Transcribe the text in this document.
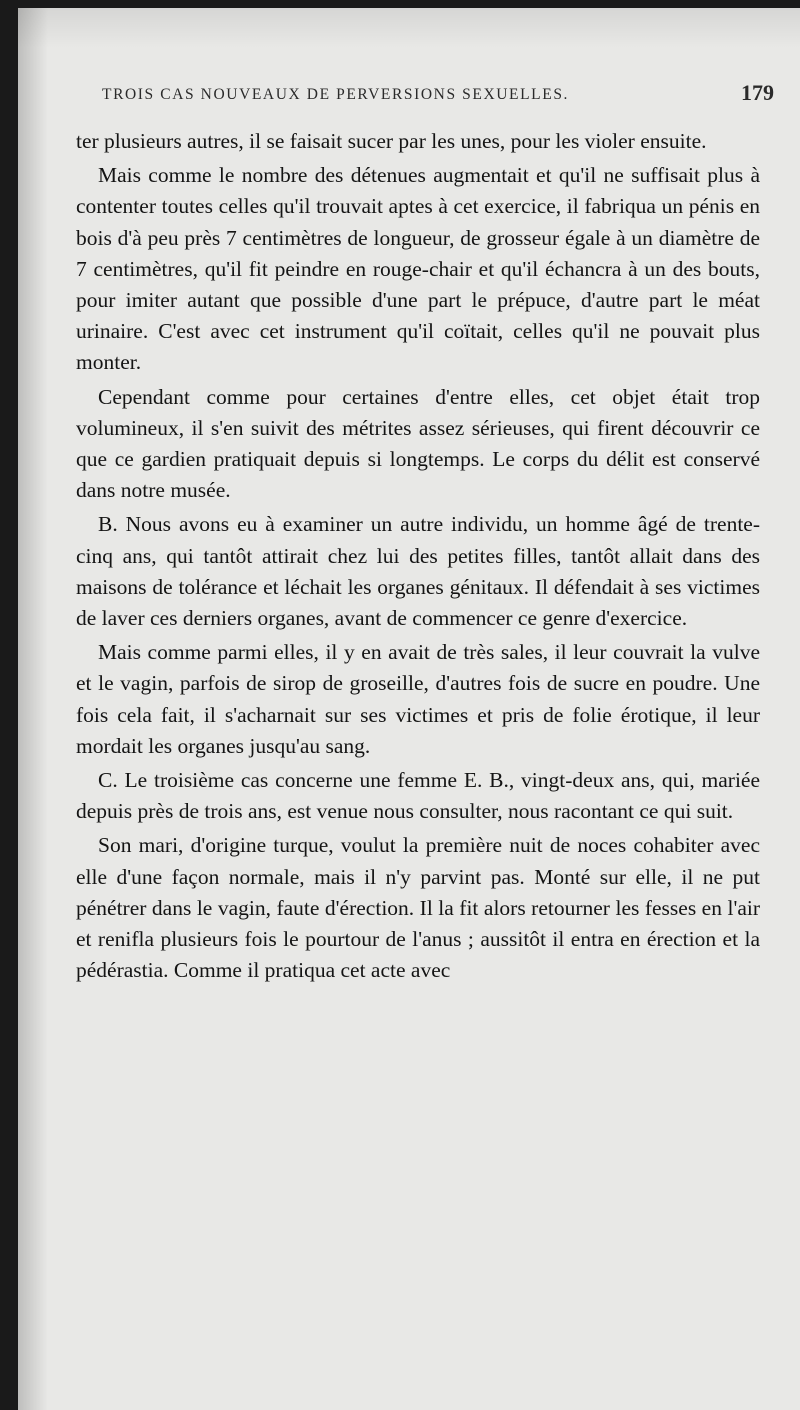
TROIS CAS NOUVEAUX DE PERVERSIONS SEXUELLES.	179

ter plusieurs autres, il se faisait sucer par les unes, pour les violer ensuite.

Mais comme le nombre des détenues augmentait et qu'il ne suffisait plus à contenter toutes celles qu'il trouvait aptes à cet exercice, il fabriqua un pénis en bois d'à peu près 7 centimètres de longueur, de grosseur égale à un diamètre de 7 centimètres, qu'il fit peindre en rouge-chair et qu'il échancra à un des bouts, pour imiter autant que possible d'une part le prépuce, d'autre part le méat urinaire. C'est avec cet instrument qu'il coïtait, celles qu'il ne pouvait plus monter.

Cependant comme pour certaines d'entre elles, cet objet était trop volumineux, il s'en suivit des métrites assez sérieuses, qui firent découvrir ce que ce gardien pratiquait depuis si longtemps. Le corps du délit est conservé dans notre musée.

B. Nous avons eu à examiner un autre individu, un homme âgé de trente-cinq ans, qui tantôt attirait chez lui des petites filles, tantôt allait dans des maisons de tolérance et léchait les organes génitaux. Il défendait à ses victimes de laver ces derniers organes, avant de commencer ce genre d'exercice.

Mais comme parmi elles, il y en avait de très sales, il leur couvrait la vulve et le vagin, parfois de sirop de groseille, d'autres fois de sucre en poudre. Une fois cela fait, il s'acharnait sur ses victimes et pris de folie érotique, il leur mordait les organes jusqu'au sang.

C. Le troisième cas concerne une femme E. B., vingt-deux ans, qui, mariée depuis près de trois ans, est venue nous consulter, nous racontant ce qui suit.

Son mari, d'origine turque, voulut la première nuit de noces cohabiter avec elle d'une façon normale, mais il n'y parvint pas. Monté sur elle, il ne put pénétrer dans le vagin, faute d'érection. Il la fit alors retourner les fesses en l'air et renifla plusieurs fois le pourtour de l'anus ; aussitôt il entra en érection et la pédérastia. Comme il pratiqua cet acte avec
